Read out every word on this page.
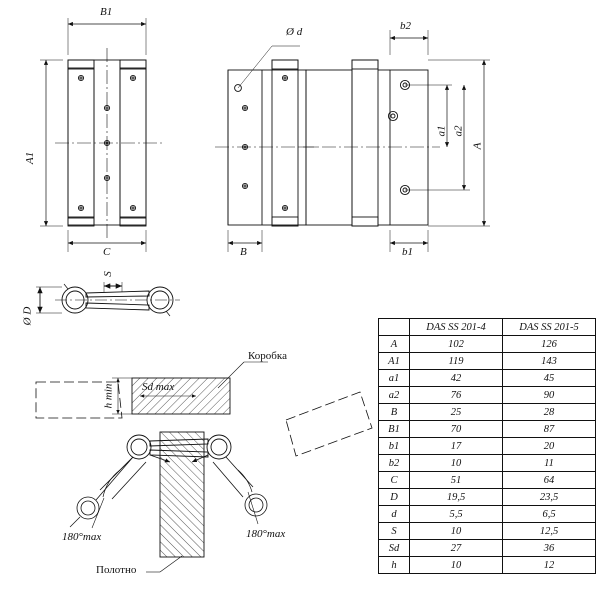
B1
A1
C
Ø d	b2
B	b1
a1 a2
A
S
Ø D
h min	Sd max
180°max	180°max
Коробка
Полотно
	DAS SS 201-4	DAS SS 201-5
A	102	126
A1	119	143
a1	42	45
a2	76	90
B	25	28
B1	70	87
b1	17	20
b2	10	11
C	51	64
D	19,5	23,5
d	5,5	6,5
S	10	12,5
Sd	27	36
h	10	12
